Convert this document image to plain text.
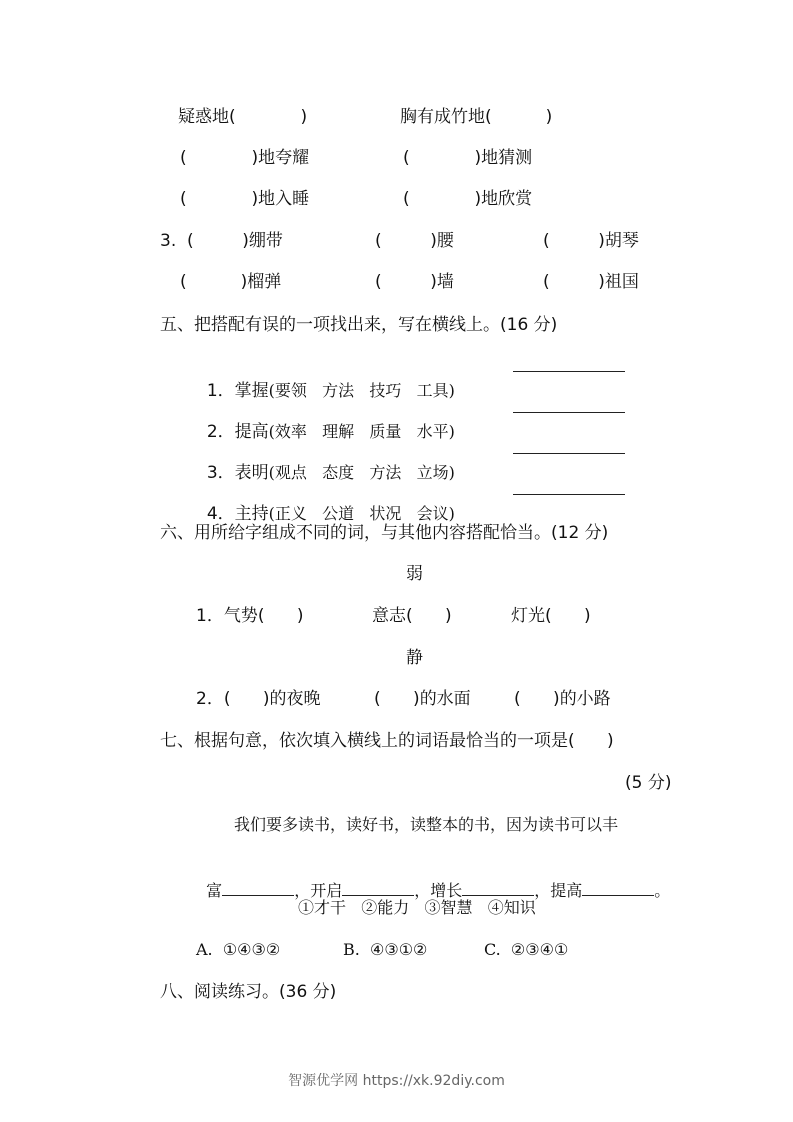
疑惑地(            )	胸有成竹地(          )
(            )地夸耀	(            )地猜测
(            )地入睡	(            )地欣赏
3.  (         )绷带	(         )腰	(         )胡琴
(          )榴弹	(         )墙	(         )祖国
五、把搭配有误的一项找出来，写在横线上。(16 分)

1．掌握(要领   方法   技巧   工具)

2．提高(效率   理解   质量   水平)

3．表明(观点   态度   方法   立场)

4．主持(正义   公道   状况   会议)

六、用所给字组成不同的词，与其他内容搭配恰当。(12 分)
弱
1．气势(      )	意志(      )	灯光(      )
静
2．(      )的夜晚	(      )的水面	(      )的小路
七、根据句意，依次填入横线上的词语最恰当的一项是(      )
(5 分)
我们要多读书，读好书，读整本的书，因为读书可以丰

富	，开启	，增长	，提高	。

①才干   ②能力   ③智慧   ④知识
A.  ①④③②	B.  ④③①②	C.  ②③④①
八、阅读练习。(36 分)
智源优学网 https://xk.92diy.com
